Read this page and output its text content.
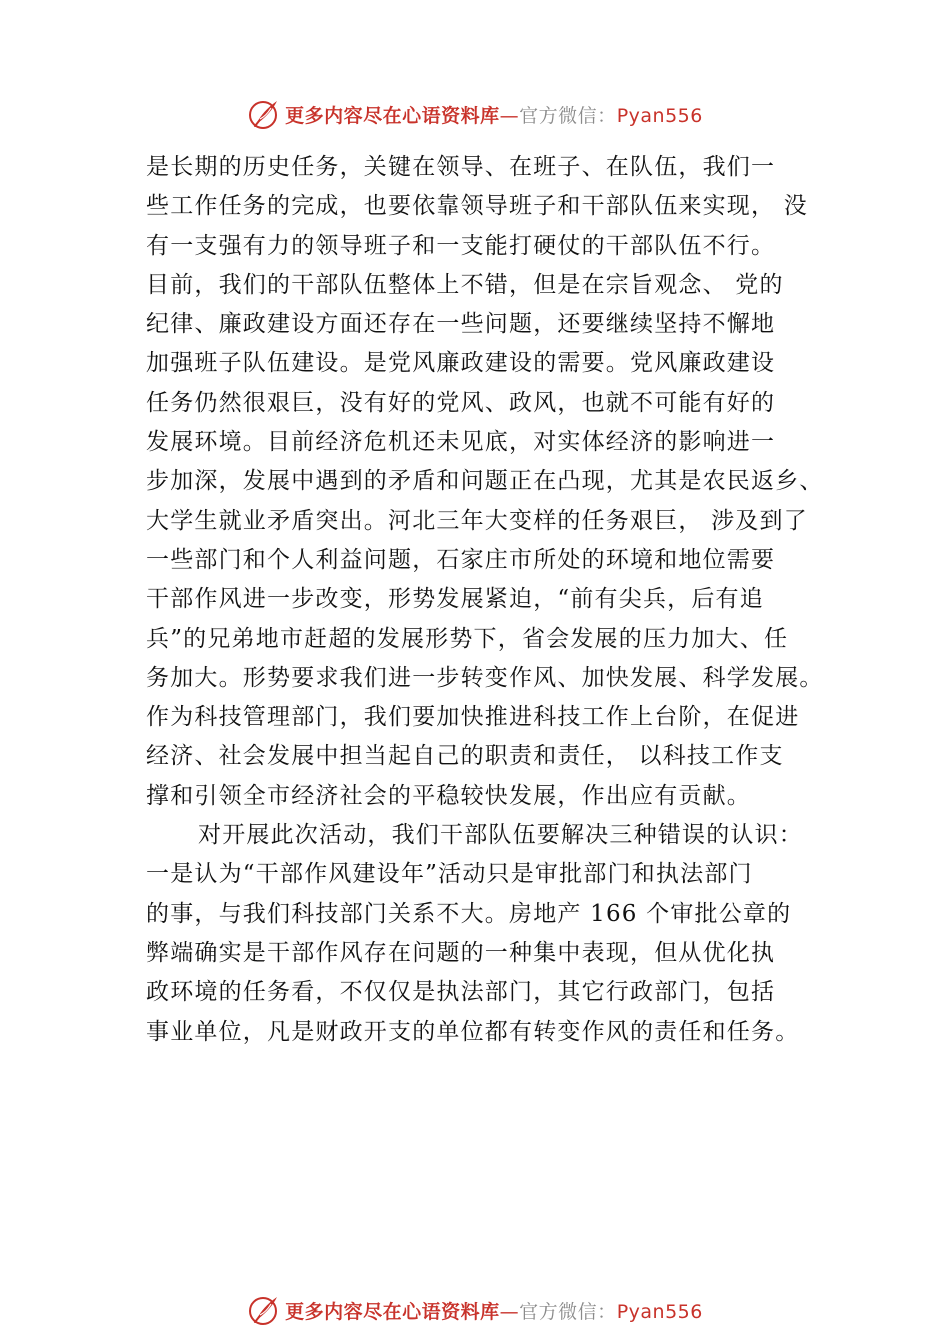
更多内容尽在心语资料库—官方微信：Pyan556
是长期的历史任务，关键在领导、在班子、在队伍，我们一
些工作任务的完成，也要依靠领导班子和干部队伍来实现， 没
有一支强有力的领导班子和一支能打硬仗的干部队伍不行。
目前，我们的干部队伍整体上不错，但是在宗旨观念、 党的
纪律、廉政建设方面还存在一些问题，还要继续坚持不懈地
加强班子队伍建设。是党风廉政建设的需要。党风廉政建设
任务仍然很艰巨，没有好的党风、政风，也就不可能有好的
发展环境。目前经济危机还未见底，对实体经济的影响进一
步加深，发展中遇到的矛盾和问题正在凸现，尤其是农民返乡、
大学生就业矛盾突出。河北三年大变样的任务艰巨， 涉及到了
一些部门和个人利益问题，石家庄市所处的环境和地位需要
干部作风进一步改变，形势发展紧迫，“前有尖兵，后有追
兵”的兄弟地市赶超的发展形势下，省会发展的压力加大、任
务加大。形势要求我们进一步转变作风、加快发展、科学发展。
作为科技管理部门，我们要加快推进科技工作上台阶，在促进
经济、社会发展中担当起自己的职责和责任， 以科技工作支
撑和引领全市经济社会的平稳较快发展，作出应有贡献。
对开展此次活动，我们干部队伍要解决三种错误的认识：
一是认为“干部作风建设年”活动只是审批部门和执法部门
的事，与我们科技部门关系不大。房地产 166 个审批公章的
弊端确实是干部作风存在问题的一种集中表现，但从优化执
政环境的任务看，不仅仅是执法部门，其它行政部门，包括
事业单位，凡是财政开支的单位都有转变作风的责任和任务。
更多内容尽在心语资料库—官方微信：Pyan556
